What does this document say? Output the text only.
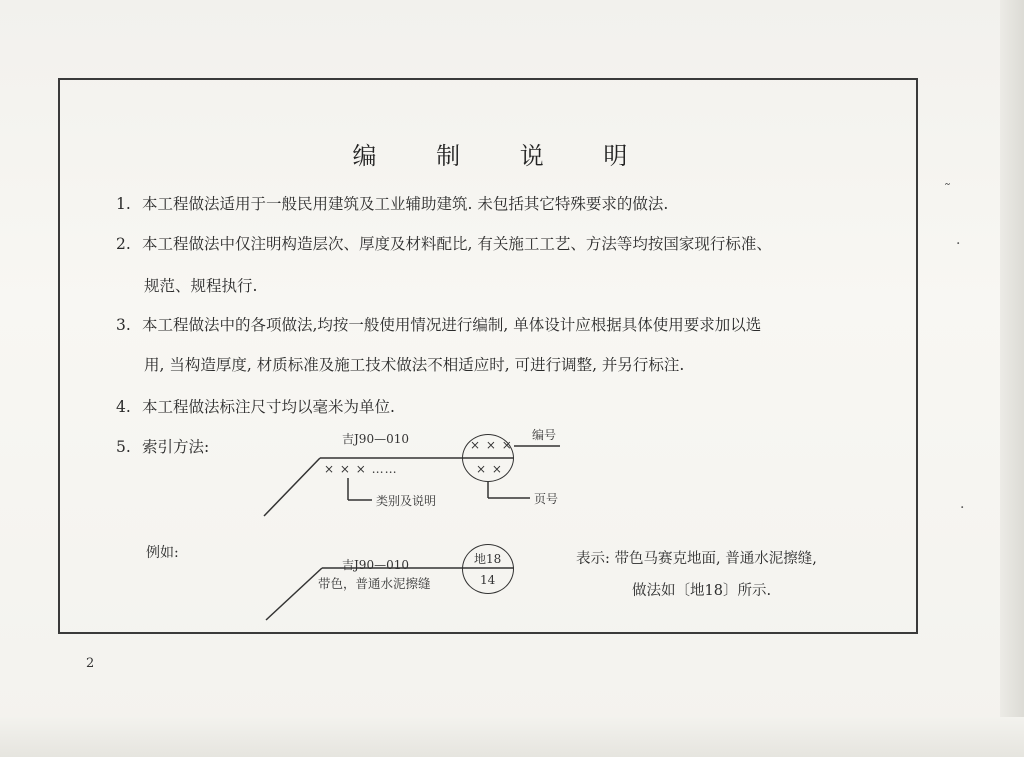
编 制 说 明
1. 本工程做法适用于一般民用建筑及工业辅助建筑. 未包括其它特殊要求的做法.
2. 本工程做法中仅注明构造层次、厚度及材料配比, 有关施工工艺、方法等均按国家现行标准、
规范、规程执行.
3. 本工程做法中的各项做法,均按一般使用情况进行编制, 单体设计应根据具体使用要求加以选
用, 当构造厚度, 材质标准及施工技术做法不相适应时, 可进行调整, 并另行标注.
4. 本工程做法标注尺寸均以毫米为单位.
5. 索引方法:	吉J90—010
× × × ……
× × ×
× ×
编号
类别及说明	页号
例如:
吉J90—010
带色，普通水泥擦缝
地18
14
表示: 带色马赛克地面, 普通水泥擦缝,
做法如〔地18〕所示.
2
˜
·
·
